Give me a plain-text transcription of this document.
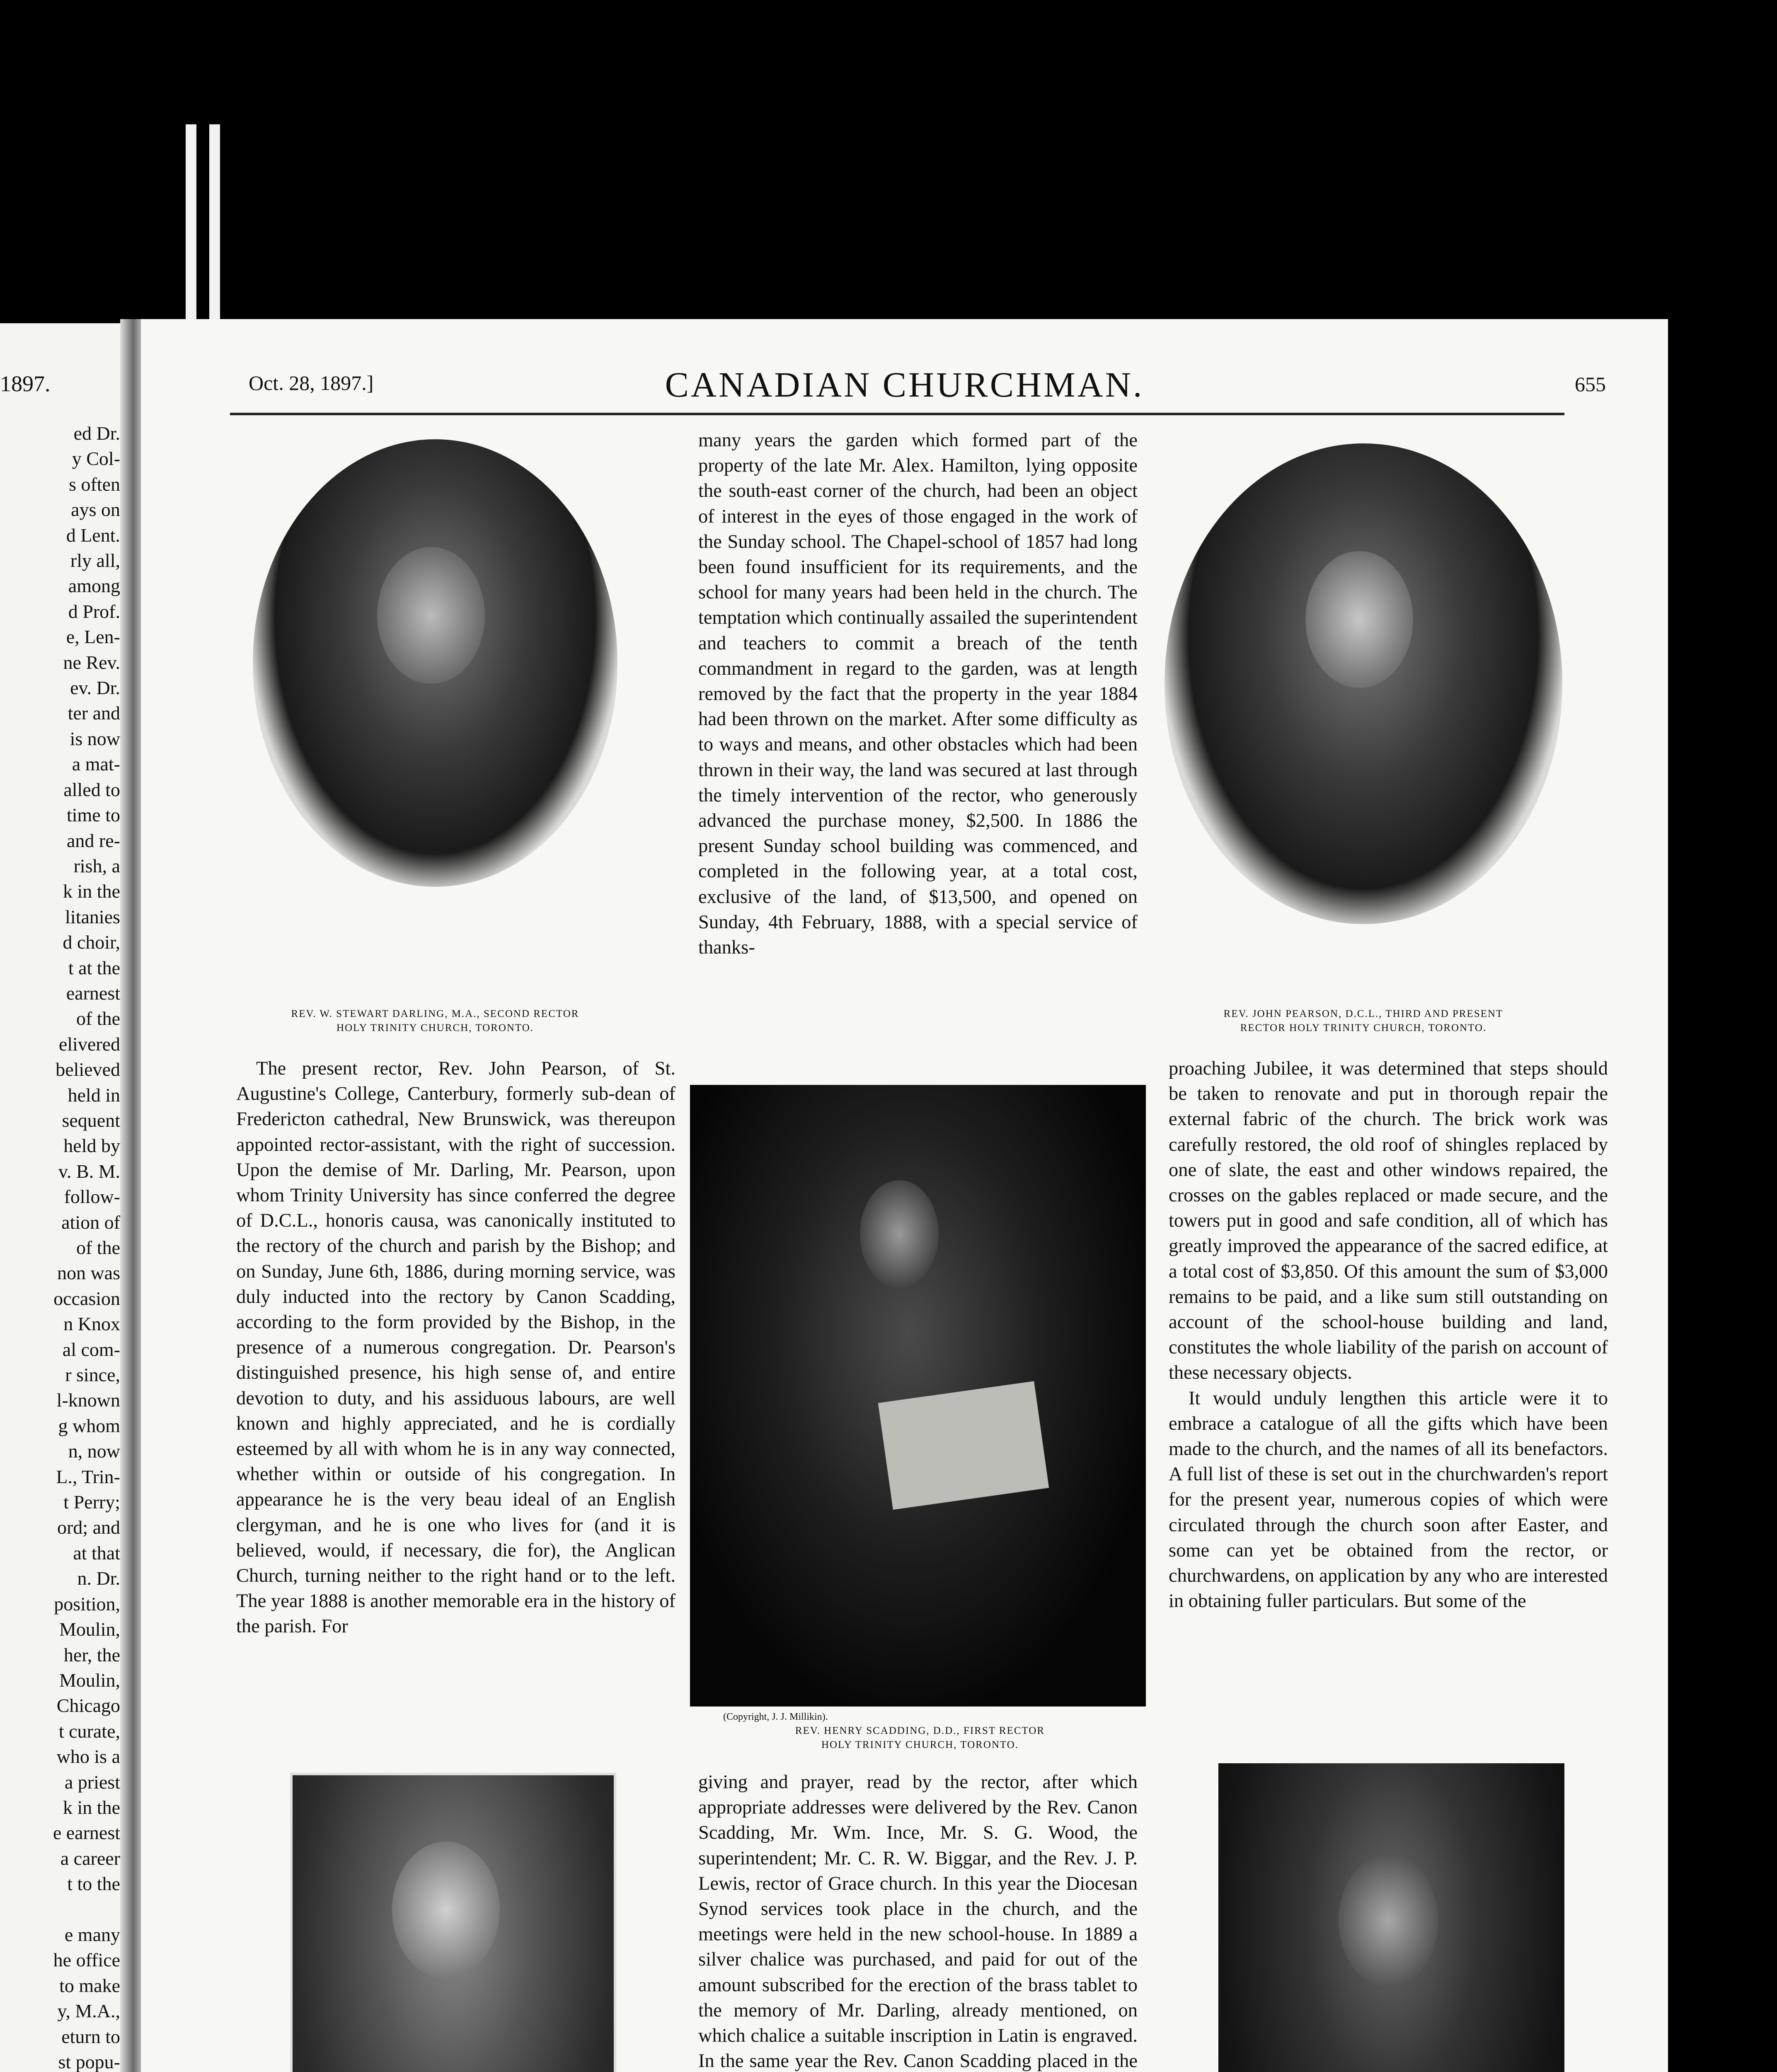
1897.
ed Dr.
y Col-
s often
ays on
d Lent.
rly all,
among
d Prof.
e, Len-
ne Rev.
ev. Dr.
ter and
is now
a mat-
alled to
time to
and re-
rish, a
k in the
litanies
d choir,
t at the
earnest
of the
elivered
believed
held in
sequent
held by
v. B. M.
follow-
ation of
of the
non was
occasion
n Knox
al com-
r since,
l-known
g whom
n, now
L., Trin-
t Perry;
ord; and
at that
n. Dr.
position,
Moulin,
her, the
Moulin,
Chicago
t curate,
who is a
a priest
k in the
e earnest
a career
t to the

e many
he office
to make
y, M.A.,
eturn to
st popu-
Oct. 28, 1897.]	CANADIAN CHURCHMAN.	655
REV. W. STEWART DARLING, M.A., SECOND RECTOR
HOLY TRINITY CHURCH, TORONTO.
REV. JOHN PEARSON, D.C.L., THIRD AND PRESENT
RECTOR HOLY TRINITY CHURCH, TORONTO.

many years the garden which formed part of the property of the late Mr. Alex. Hamilton, lying opposite the south-east corner of the church, had been an object of interest in the eyes of those engaged in the work of the Sunday school. The Chapel-school of 1857 had long been found insufficient for its requirements, and the school for many years had been held in the church. The temptation which continually assailed the superintendent and teachers to commit a breach of the tenth commandment in regard to the garden, was at length removed by the fact that the property in the year 1884 had been thrown on the market. After some difficulty as to ways and means, and other obstacles which had been thrown in their way, the land was secured at last through the timely intervention of the rector, who generously advanced the purchase money, $2,500. In 1886 the present Sunday school building was commenced, and completed in the following year, at a total cost, exclusive of the land, of $13,500, and opened on Sunday, 4th February, 1888, with a special service of thanks-

The present rector, Rev. John Pearson, of St. Augustine's College, Canterbury, formerly sub-dean of Fredericton cathedral, New Brunswick, was thereupon appointed rector-assistant, with the right of succession. Upon the demise of Mr. Darling, Mr. Pearson, upon whom Trinity University has since conferred the degree of D.C.L., honoris causa, was canonically instituted to the rectory of the church and parish by the Bishop; and on Sunday, June 6th, 1886, during morning service, was duly inducted into the rectory by Canon Scadding, according to the form provided by the Bishop, in the presence of a numerous congregation. Dr. Pearson's distinguished presence, his high sense of, and entire devotion to duty, and his assiduous labours, are well known and highly appreciated, and he is cordially esteemed by all with whom he is in any way connected, whether within or outside of his congregation. In appearance he is the very beau ideal of an English clergyman, and he is one who lives for (and it is believed, would, if necessary, die for), the Anglican Church, turning neither to the right hand or to the left. The year 1888 is another memorable era in the history of the parish. For

(Copyright, J. J. Millikin).
REV. HENRY SCADDING, D.D., FIRST RECTOR
HOLY TRINITY CHURCH, TORONTO.

proaching Jubilee, it was determined that steps should be taken to renovate and put in thorough repair the external fabric of the church. The brick work was carefully restored, the old roof of shingles replaced by one of slate, the east and other windows repaired, the crosses on the gables replaced or made secure, and the towers put in good and safe condition, all of which has greatly improved the appearance of the sacred edifice, at a total cost of $3,850. Of this amount the sum of $3,000 remains to be paid, and a like sum still outstanding on account of the school-house building and land, constitutes the whole liability of the parish on account of these necessary objects.

It would unduly lengthen this article were it to embrace a catalogue of all the gifts which have been made to the church, and the names of all its benefactors. A full list of these is set out in the churchwarden's report for the present year, numerous copies of which were circulated through the church soon after Easter, and some can yet be obtained from the rector, or churchwardens, on application by any who are interested in obtaining fuller particulars. But some of the

giving and prayer, read by the rector, after which appropriate addresses were delivered by the Rev. Canon Scadding, Mr. Wm. Ince, Mr. S. G. Wood, the superintendent; Mr. C. R. W. Biggar, and the Rev. J. P. Lewis, rector of Grace church. In this year the Diocesan Synod services took place in the church, and the meetings were held in the new school-house. In 1889 a silver chalice was purchased, and paid for out of the amount subscribed for the erection of the brass tablet to the memory of Mr. Darling, already mentioned, on which chalice a suitable inscription in Latin is engraved. In the same year the Rev. Canon Scadding placed in the
